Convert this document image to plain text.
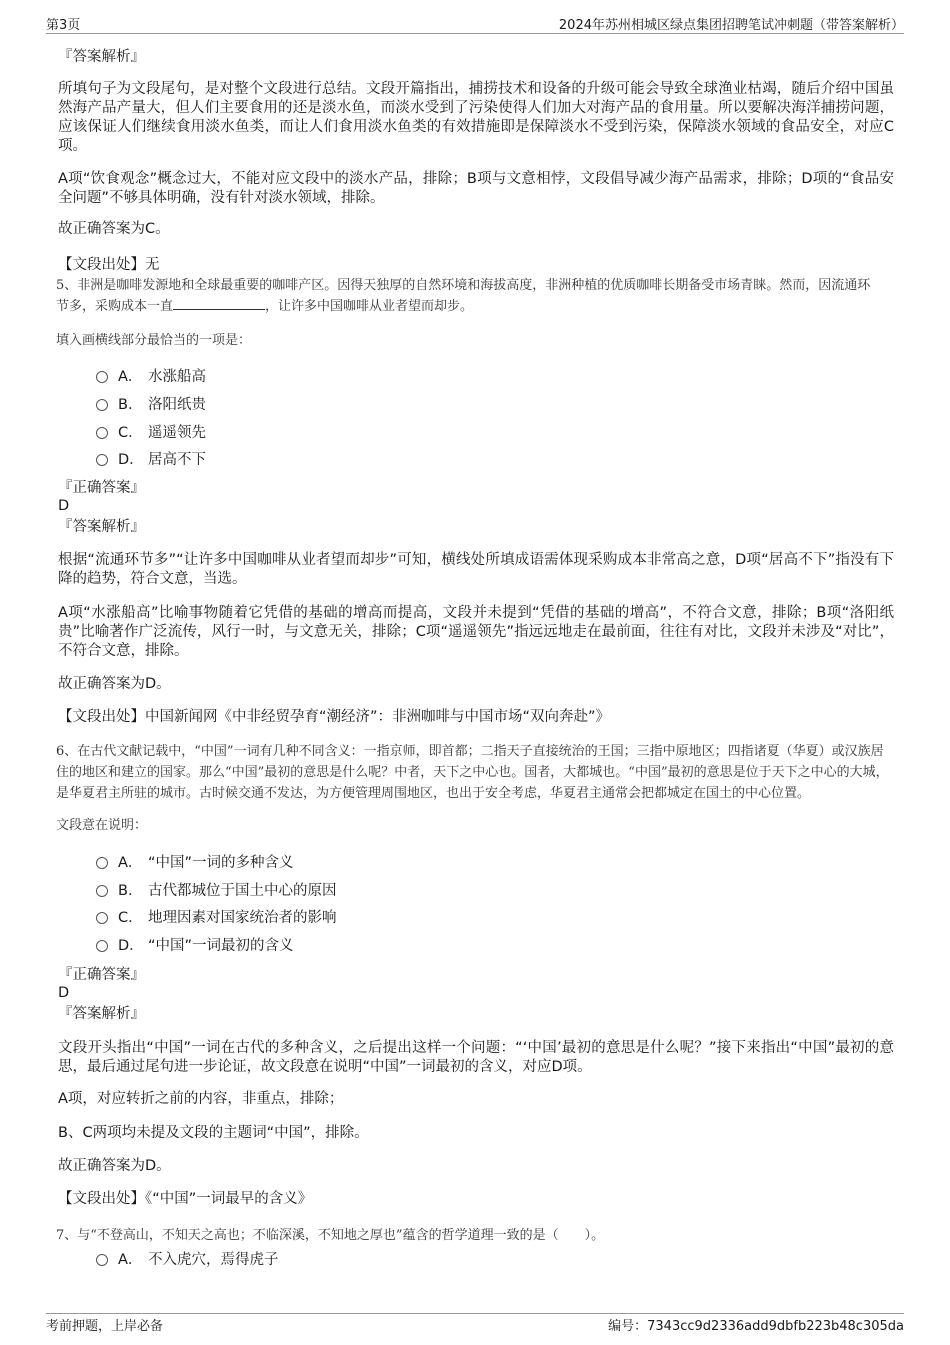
第3页	2024年苏州相城区绿点集团招聘笔试冲刺题（带答案解析）
『答案解析』
所填句子为文段尾句，是对整个文段进行总结。文段开篇指出，捕捞技术和设备的升级可能会导致全球渔业枯竭，随后介绍中国虽然海产品产量大，但人们主要食用的还是淡水鱼，而淡水受到了污染使得人们加大对海产品的食用量。所以要解决海洋捕捞问题，应该保证人们继续食用淡水鱼类，而让人们食用淡水鱼类的有效措施即是保障淡水不受到污染，保障淡水领域的食品安全，对应C项。
A项“饮食观念”概念过大，不能对应文段中的淡水产品，排除；B项与文意相悖，文段倡导减少海产品需求，排除；D项的“食品安全问题”不够具体明确，没有针对淡水领域，排除。
故正确答案为C。
【文段出处】无
5、非洲是咖啡发源地和全球最重要的咖啡产区。因得天独厚的自然环境和海拔高度，非洲种植的优质咖啡长期备受市场青睐。然而，因流通环
节多，采购成本一直	，让许多中国咖啡从业者望而却步。
填入画横线部分最恰当的一项是：
A． 水涨船高
B． 洛阳纸贵
C． 遥遥领先
D． 居高不下
『正确答案』
D
『答案解析』
根据“流通环节多”“让许多中国咖啡从业者望而却步”可知，横线处所填成语需体现采购成本非常高之意，D项“居高不下”指没有下降的趋势，符合文意，当选。
A项“水涨船高”比喻事物随着它凭借的基础的增高而提高，文段并未提到“凭借的基础的增高”，不符合文意，排除；B项“洛阳纸贵”比喻著作广泛流传，风行一时，与文意无关，排除；C项“遥遥领先”指远远地走在最前面，往往有对比，文段并未涉及“对比”，不符合文意，排除。
故正确答案为D。
【文段出处】中国新闻网《中非经贸孕育“潮经济”：非洲咖啡与中国市场“双向奔赴”》
6、在古代文献记载中，“中国”一词有几种不同含义：一指京师，即首都；二指天子直接统治的王国；三指中原地区；四指诸夏（华夏）或汉族居住的地区和建立的国家。那么“中国”最初的意思是什么呢？中者，天下之中心也。国者，大都城也。“中国”最初的意思是位于天下之中心的大城，是华夏君主所驻的城市。古时候交通不发达，为方便管理周围地区，也出于安全考虑，华夏君主通常会把都城定在国土的中心位置。
文段意在说明：
A． “中国”一词的多种含义
B． 古代都城位于国土中心的原因
C． 地理因素对国家统治者的影响
D． “中国”一词最初的含义
『正确答案』
D
『答案解析』
文段开头指出“中国”一词在古代的多种含义，之后提出这样一个问题：“‘中国’最初的意思是什么呢？”接下来指出“中国”最初的意思，最后通过尾句进一步论证，故文段意在说明“中国”一词最初的含义，对应D项。
A项，对应转折之前的内容，非重点，排除；
B、C两项均未提及文段的主题词“中国”，排除。
故正确答案为D。
【文段出处】《“中国”一词最早的含义》
7、与“不登高山，不知天之高也；不临深溪，不知地之厚也”蕴含的哲学道理一致的是（　　）。
A． 不入虎穴，焉得虎子
考前押题，上岸必备	编号：7343cc9d2336add9dbfb223b48c305da
